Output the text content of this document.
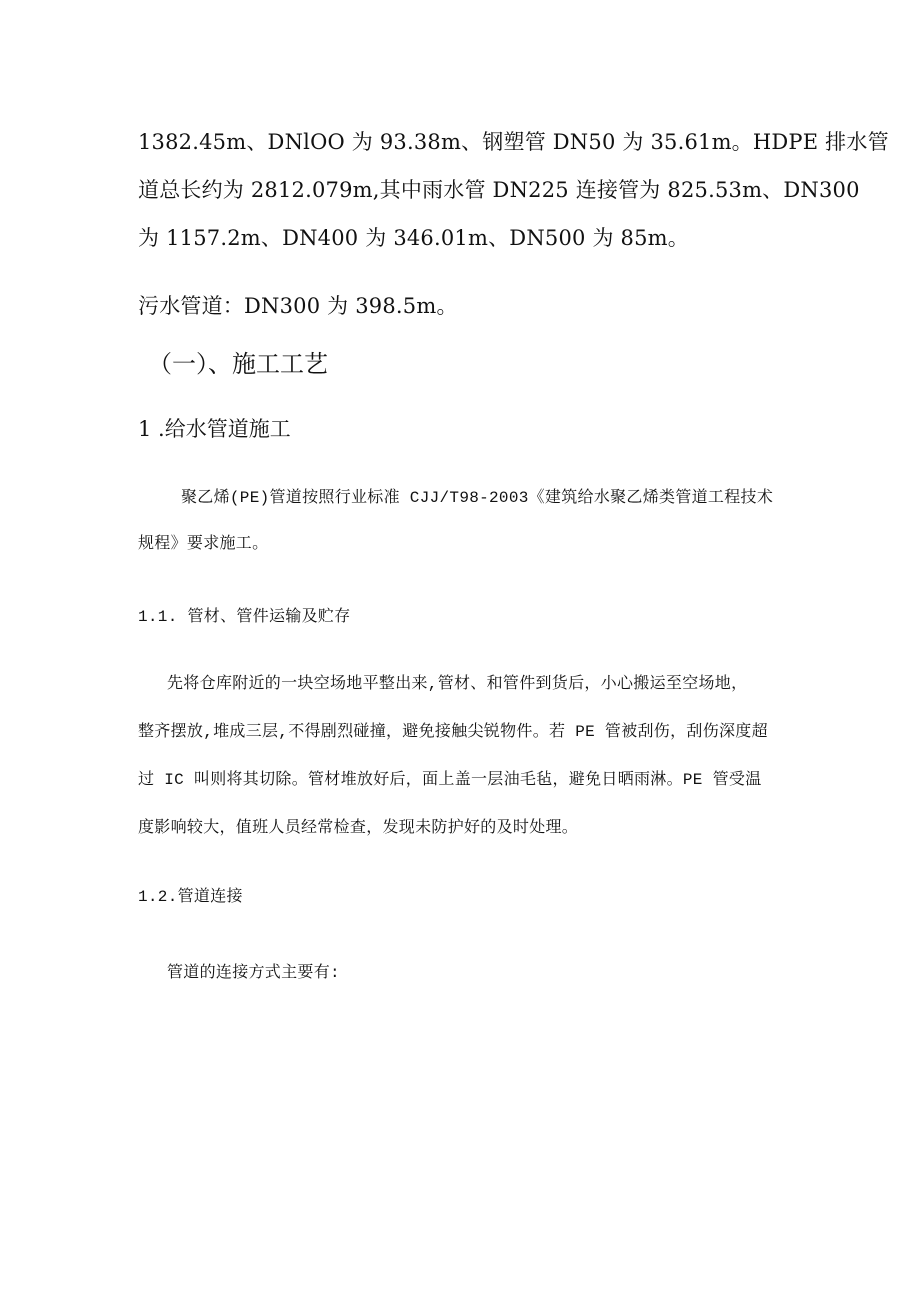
1382.45m、DNlOO 为 93.38m、钢塑管 DN50 为 35.61m。HDPE 排水管
道总长约为 2812.079m,其中雨水管 DN225 连接管为 825.53m、DN300
为 1157.2m、DN400 为 346.01m、DN500 为 85m。
污水管道：DN300 为 398.5m。
（一）、施工工艺
1 .给水管道施工
聚乙烯(PE)管道按照行业标准 CJJ/T98-2003《建筑给水聚乙烯类管道工程技术
规程》要求施工。
1.1. 管材、管件运输及贮存
先将仓库附近的一块空场地平整出来,管材、和管件到货后，小心搬运至空场地，
整齐摆放,堆成三层,不得剧烈碰撞，避免接触尖锐物件。若 PE 管被刮伤，刮伤深度超
过 IC 叫则将其切除。管材堆放好后，面上盖一层油毛毡，避免日晒雨淋。PE 管受温
度影响较大，值班人员经常检查，发现未防护好的及时处理。
1.2.管道连接
管道的连接方式主要有:
